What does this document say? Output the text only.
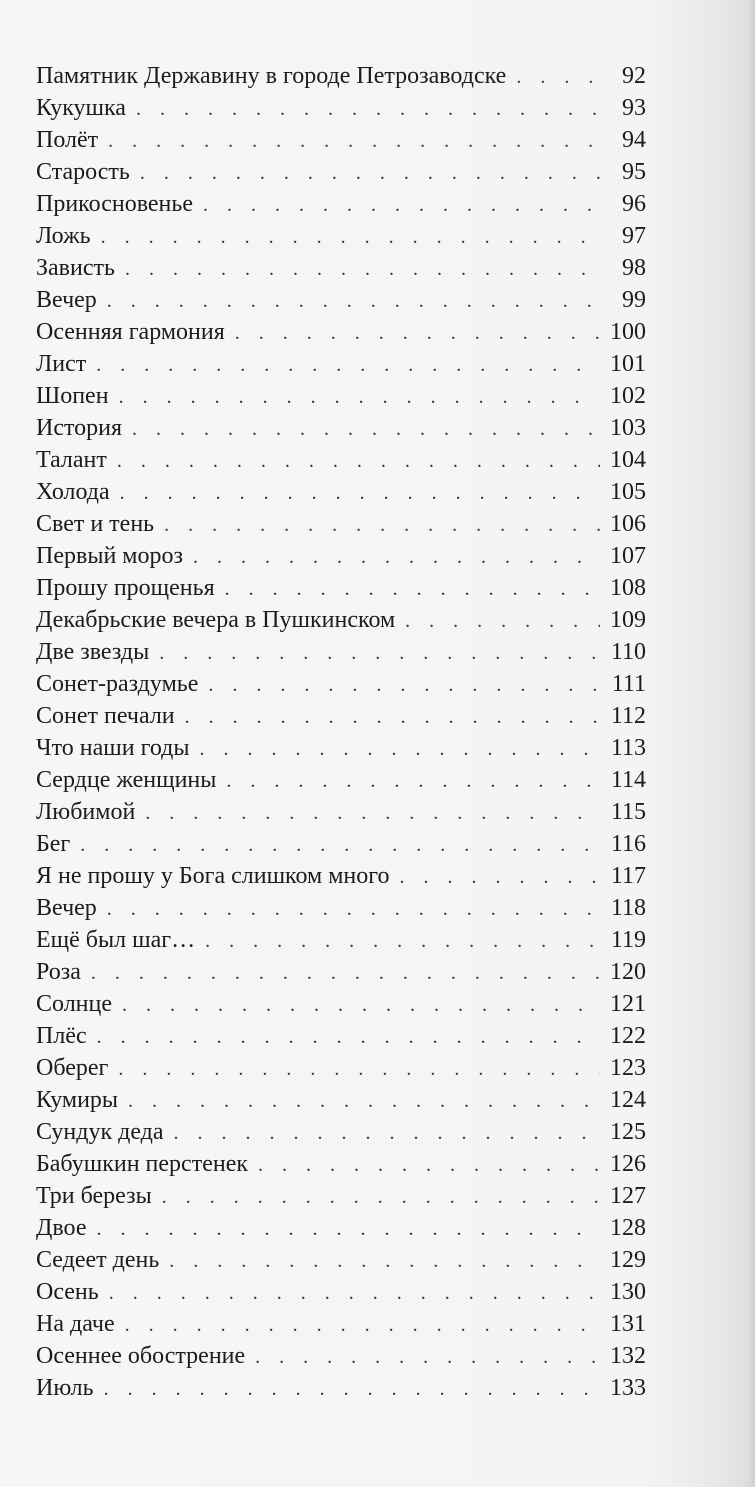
Памятник Державину в городе Петрозаводске . . .	92
Кукушка . . .	93
Полёт . . .	94
Старость . . .	95
Прикосновенье . . .	96
Ложь . . .	97
Зависть . . .	98
Вечер . . .	99
Осенняя гармония . . .	100
Лист . . .	101
Шопен . . .	102
История . . .	103
Талант . . .	104
Холода . . .	105
Свет и тень . . .	106
Первый мороз . . .	107
Прошу прощенья . . .	108
Декабрьские вечера в Пушкинском . . .	109
Две звезды . . .	110
Сонет-раздумье . . .	111
Сонет печали . . .	112
Что наши годы . . .	113
Сердце женщины . . .	114
Любимой . . .	115
Бег . . .	116
Я не прошу у Бога слишком много . . .	117
Вечер . . .	118
Ещё был шаг… . . .	119
Роза . . .	120
Солнце . . .	121
Плёс . . .	122
Оберег . . .	123
Кумиры . . .	124
Сундук деда . . .	125
Бабушкин перстенек . . .	126
Три березы . . .	127
Двое . . .	128
Седеет день . . .	129
Осень . . .	130
На даче . . .	131
Осеннее обострение . . .	132
Июль . . .	133
